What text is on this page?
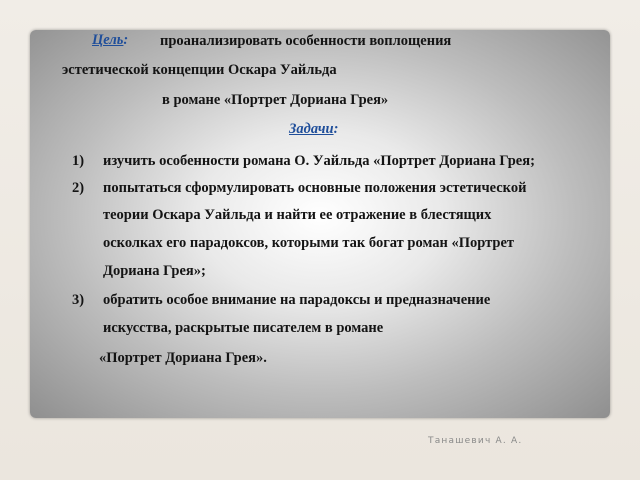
Цель: проанализировать особенности воплощения
эстетической концепции Оскара Уайльда
в романе «Портрет Дориана Грея»
Задачи:
1) изучить особенности романа О. Уайльда «Портрет Дориана Грея;
2) попытаться сформулировать основные положения эстетической
теории Оскара Уайльда и найти ее отражение в блестящих
осколках его парадоксов, которыми так богат роман «Портрет
Дориана Грея»;
3) обратить особое внимание на парадоксы и предназначение
искусства, раскрытые писателем в романе
«Портрет Дориана Грея».
Танашевич А. А.
